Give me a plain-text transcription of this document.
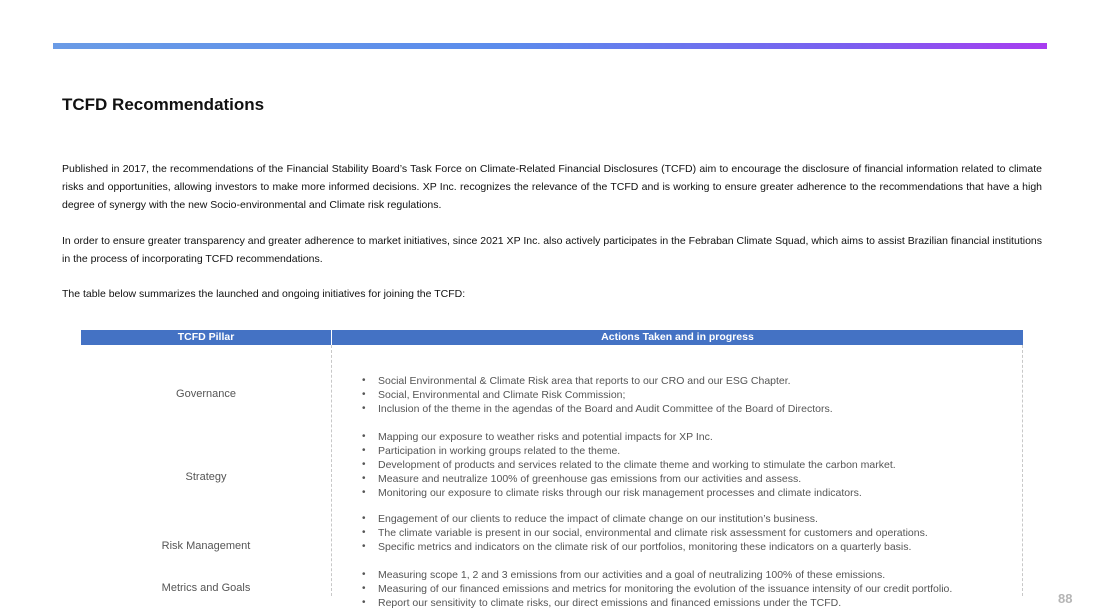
TCFD Recommendations
Published in 2017, the recommendations of the Financial Stability Board’s Task Force on Climate-Related Financial Disclosures (TCFD) aim to encourage the disclosure of financial information related to climate risks and opportunities, allowing investors to make more informed decisions. XP Inc. recognizes the relevance of the TCFD and is working to ensure greater adherence to the recommendations that have a high degree of synergy with the new Socio-environmental and Climate risk regulations.
In order to ensure greater transparency and greater adherence to market initiatives, since 2021 XP Inc. also actively participates in the Febraban Climate Squad, which aims to assist Brazilian financial institutions in the process of incorporating TCFD recommendations.
The table below summarizes the launched and ongoing initiatives for joining the TCFD:
TCFD Pillar	Actions Taken and in progress
Governance
• Social Environmental & Climate Risk area that reports to our CRO and our ESG Chapter.
• Social, Environmental and Climate Risk Commission;
• Inclusion of the theme in the agendas of the Board and Audit Committee of the Board of Directors.
Strategy
• Mapping our exposure to weather risks and potential impacts for XP Inc.
• Participation in working groups related to the theme.
• Development of products and services related to the climate theme and working to stimulate the carbon market.
• Measure and neutralize 100% of greenhouse gas emissions from our activities and assess.
• Monitoring our exposure to climate risks through our risk management processes and climate indicators.
Risk Management
• Engagement of our clients to reduce the impact of climate change on our institution’s business.
• The climate variable is present in our social, environmental and climate risk assessment for customers and operations.
• Specific metrics and indicators on the climate risk of our portfolios, monitoring these indicators on a quarterly basis.
Metrics and Goals
• Measuring scope 1, 2 and 3 emissions from our activities and a goal of neutralizing 100% of these emissions.
• Measuring of our financed emissions and metrics for monitoring the evolution of the issuance intensity of our credit portfolio.
• Report our sensitivity to climate risks, our direct emissions and financed emissions under the TCFD.	88
